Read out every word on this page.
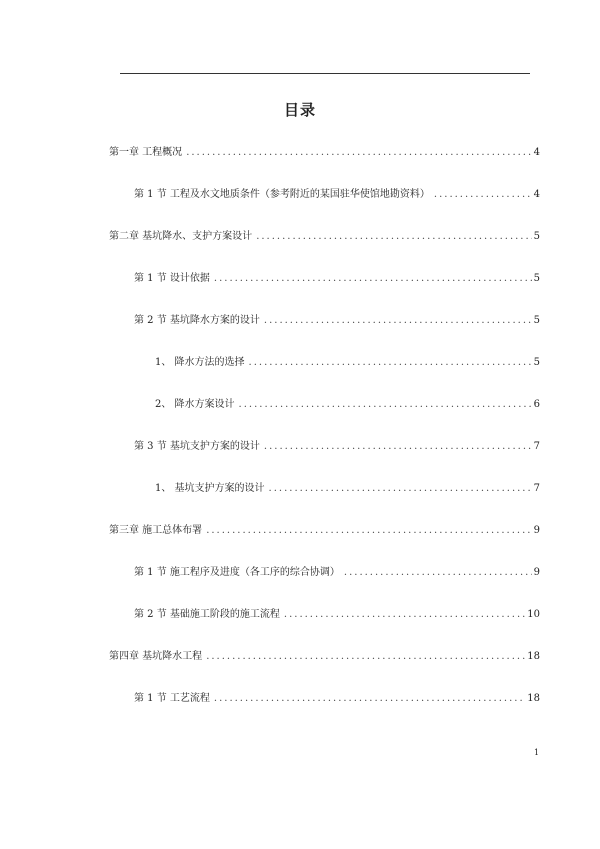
目录
第一章 工程概况 .....	4
第 1 节 工程及水文地质条件（参考附近的某国驻华使馆地勘资料） .....	4
第二章 基坑降水、支护方案设计 .....	5
第 1 节 设计依据 .....	5
第 2 节 基坑降水方案的设计 .....	5
1、 降水方法的选择 .....	5
2、 降水方案设计 .....	6
第 3 节 基坑支护方案的设计 .....	7
1、 基坑支护方案的设计 .....	7
第三章 施工总体布署 .....	9
第 1 节 施工程序及进度（各工序的综合协调） .....	9
第 2 节 基础施工阶段的施工流程 .....	10
第四章 基坑降水工程 .....	18
第 1 节 工艺流程 .....	18
1
